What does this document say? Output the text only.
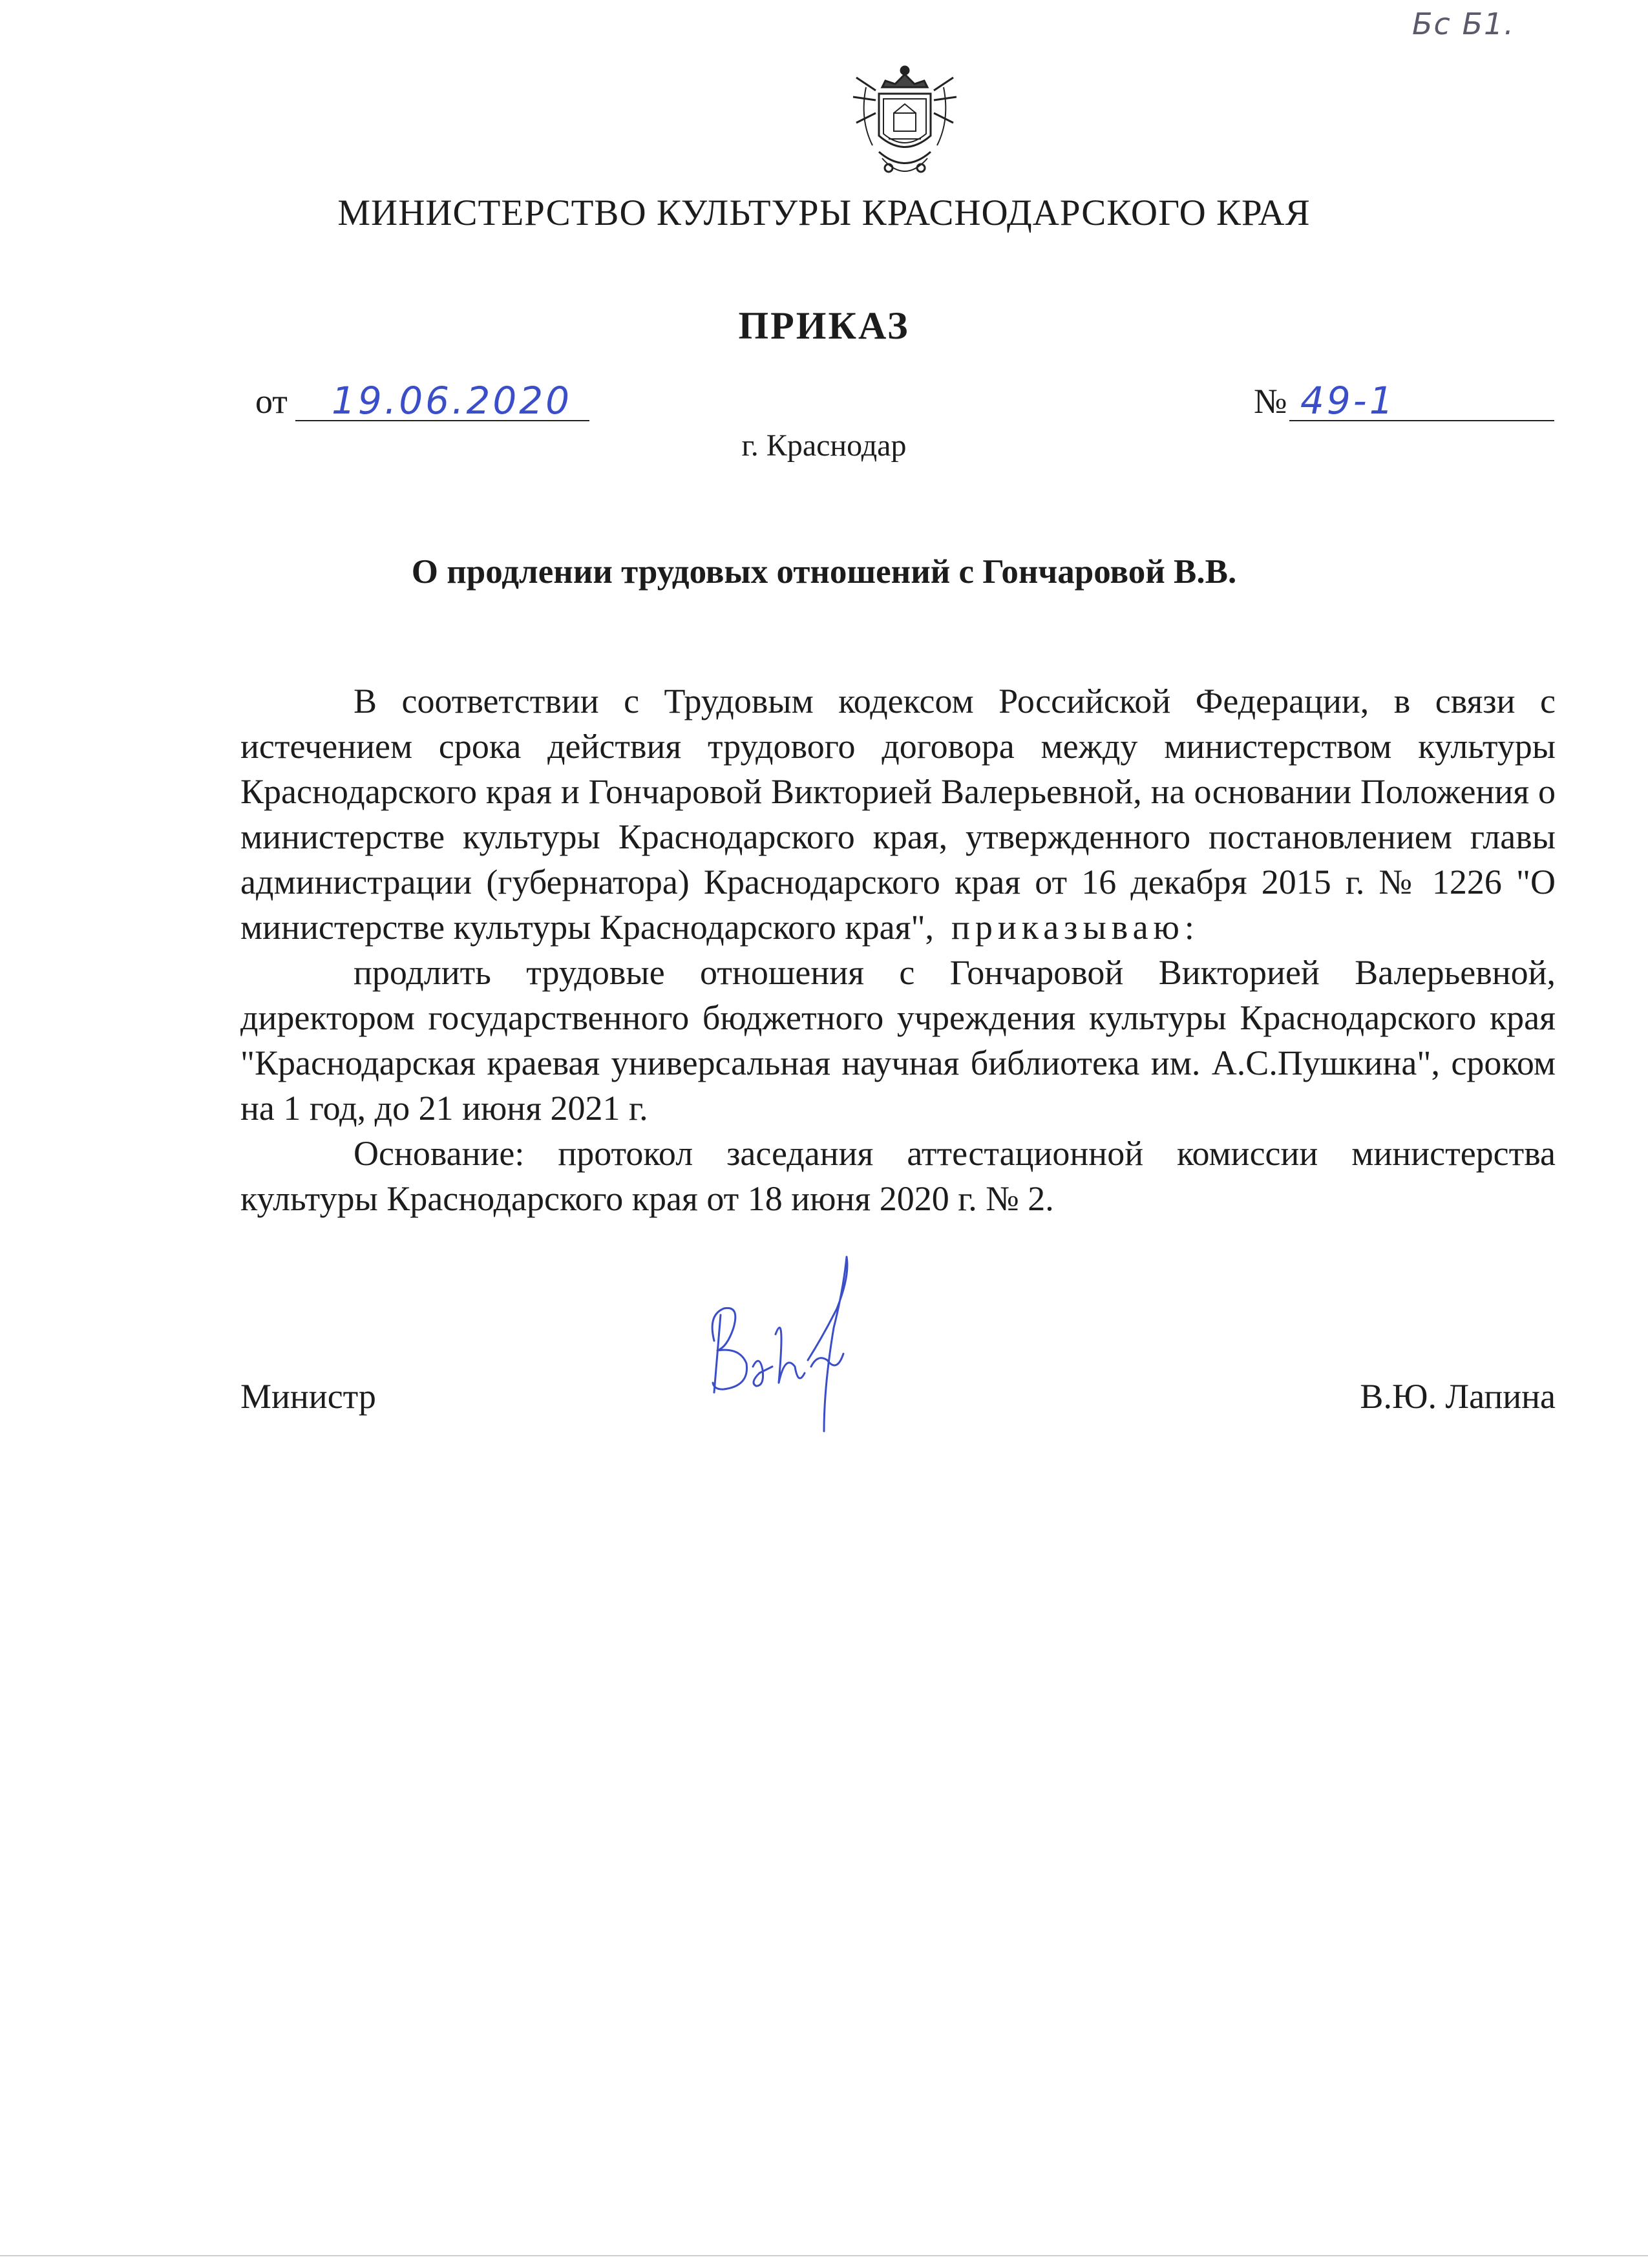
Бс Б1.
МИНИСТЕРСТВО КУЛЬТУРЫ КРАСНОДАРСКОГО КРАЯ
ПРИКАЗ
от 19.06.2020	№ 49-1
г. Краснодар
О продлении трудовых отношений с Гончаровой В.В.

В соответствии с Трудовым кодексом Российской Федерации, в связи с истечением срока действия трудового договора между министерством культуры Краснодарского края и Гончаровой Викторией Валерьевной, на основании Положения о министерстве культуры Краснодарского края, утвержденного постановлением главы администрации (губернатора) Краснодарского края от 16 декабря 2015 г. № 1226 "О министерстве культуры Краснодарского края", приказываю:

продлить трудовые отношения с Гончаровой Викторией Валерьевной, директором государственного бюджетного учреждения культуры Краснодарского края "Краснодарская краевая универсальная научная библиотека им. А.С.Пушкина", сроком на 1 год, до 21 июня 2021 г.

Основание: протокол заседания аттестационной комиссии министерства культуры Краснодарского края от 18 июня 2020 г. № 2.

Министр	В.Ю. Лапина
